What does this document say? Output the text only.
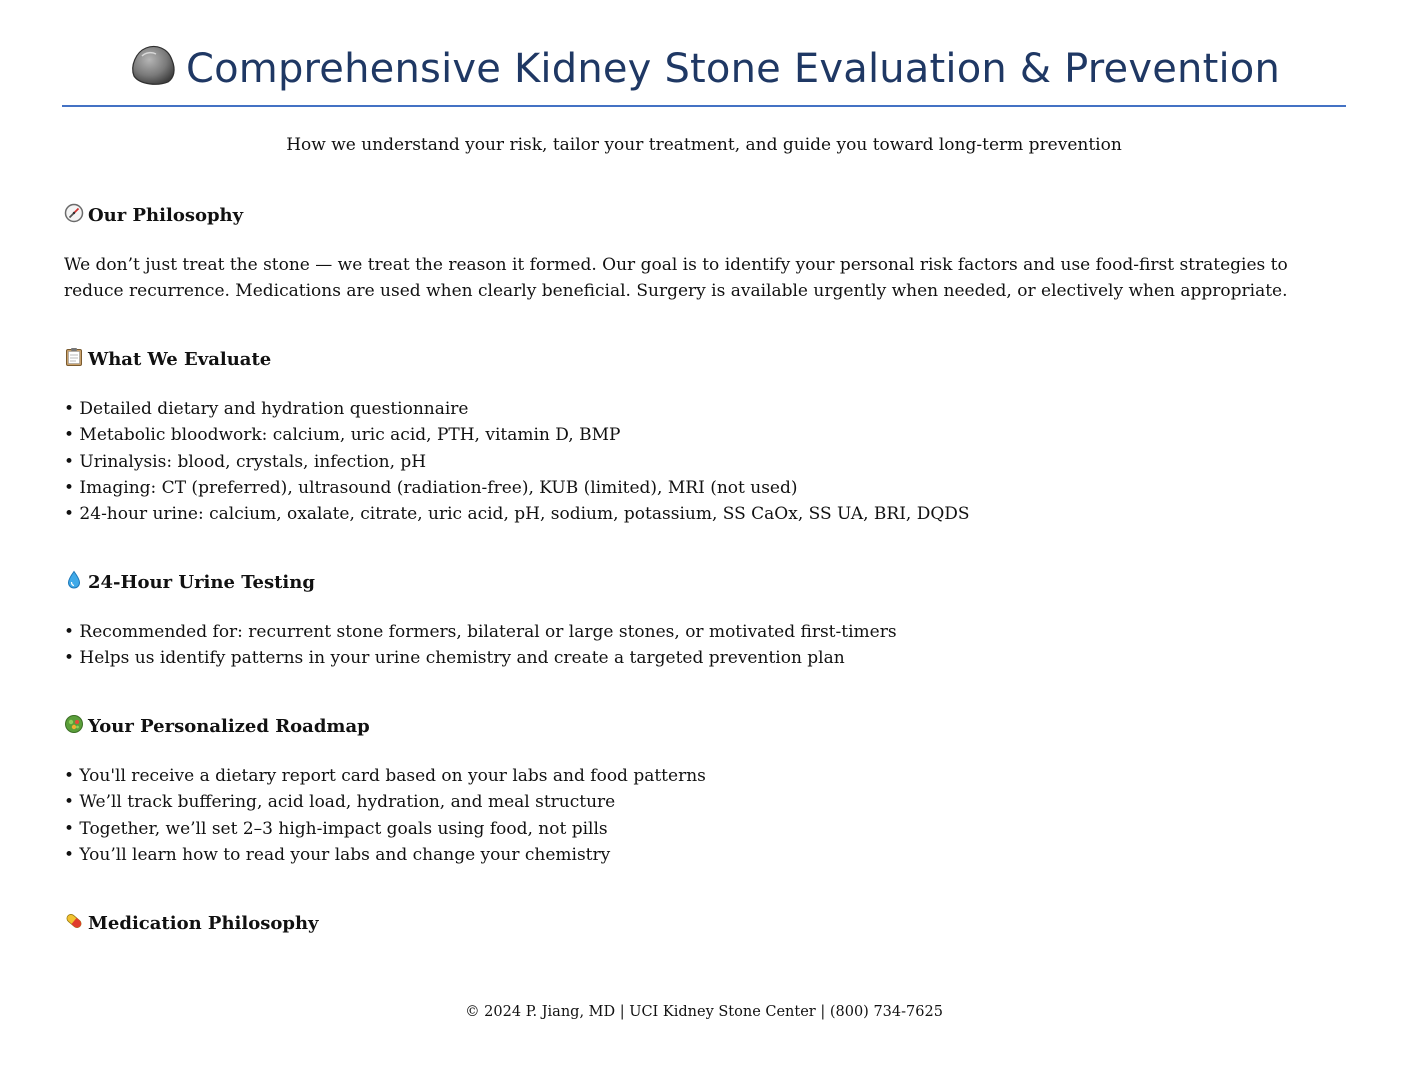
Comprehensive Kidney Stone Evaluation & Prevention
How we understand your risk, tailor your treatment, and guide you toward long-term prevention
Our Philosophy
We don’t just treat the stone — we treat the reason it formed. Our goal is to identify your personal risk factors and use food-first strategies to reduce recurrence. Medications are used when clearly beneficial. Surgery is available urgently when needed, or electively when appropriate.
What We Evaluate
• Detailed dietary and hydration questionnaire
• Metabolic bloodwork: calcium, uric acid, PTH, vitamin D, BMP
• Urinalysis: blood, crystals, infection, pH
• Imaging: CT (preferred), ultrasound (radiation-free), KUB (limited), MRI (not used)
• 24-hour urine: calcium, oxalate, citrate, uric acid, pH, sodium, potassium, SS CaOx, SS UA, BRI, DQDS
24-Hour Urine Testing
• Recommended for: recurrent stone formers, bilateral or large stones, or motivated first-timers
• Helps us identify patterns in your urine chemistry and create a targeted prevention plan
Your Personalized Roadmap
• You'll receive a dietary report card based on your labs and food patterns
• We’ll track buffering, acid load, hydration, and meal structure
• Together, we’ll set 2–3 high-impact goals using food, not pills
• You’ll learn how to read your labs and change your chemistry
Medication Philosophy
© 2024 P. Jiang, MD | UCI Kidney Stone Center | (800) 734-7625
